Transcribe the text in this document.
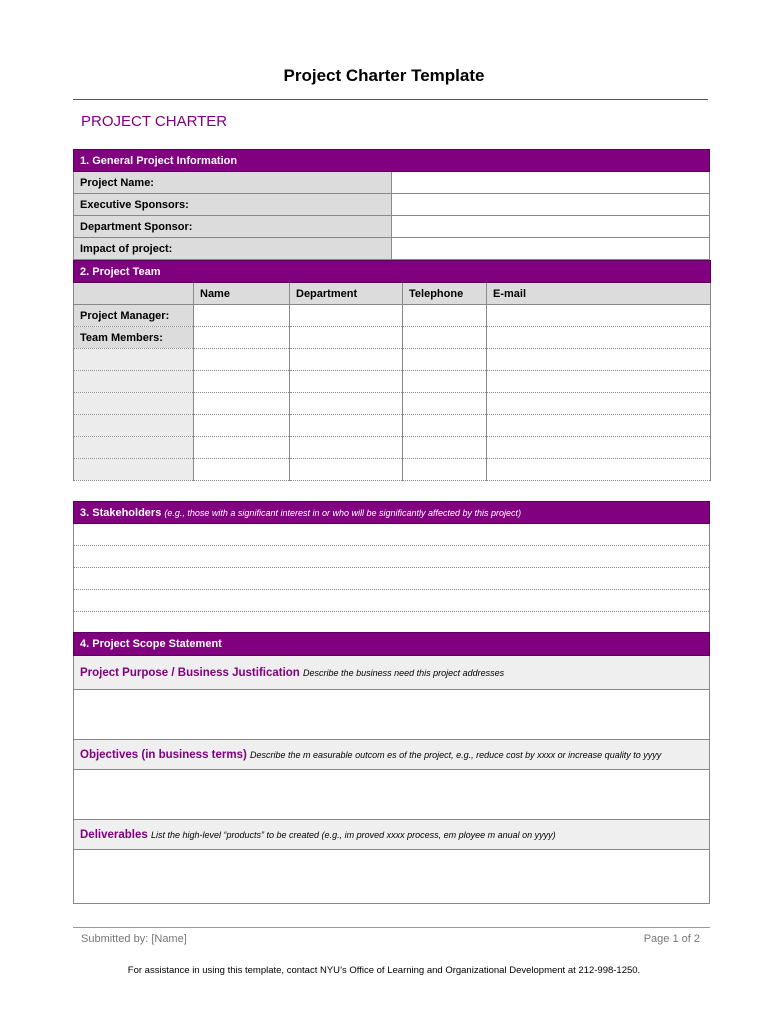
Project Charter Template
PROJECT CHARTER
1. General Project Information	
Project Name:	
Executive Sponsors:	
Department Sponsor:	
Impact of project:	
2. Project Team				
	Name	Department	Telephone	E-mail
Project Manager:				
Team Members:				

3. Stakeholders (e.g., those with a significant interest in or who will be significantly affected by this project)

4. Project Scope Statement
Project Purpose / Business Justification Describe the business need this project addresses

Objectives (in business terms) Describe the m easurable outcom es of the project, e.g., reduce cost by xxxx or increase quality to yyyy

Deliverables List the high-level “products” to be created (e.g., im proved xxxx process, em ployee m anual on yyyy)

Submitted by: [Name]	Page 1 of 2
For assistance in using this template, contact NYU’s Office of Learning and Organizational Development at 212-998-1250.
